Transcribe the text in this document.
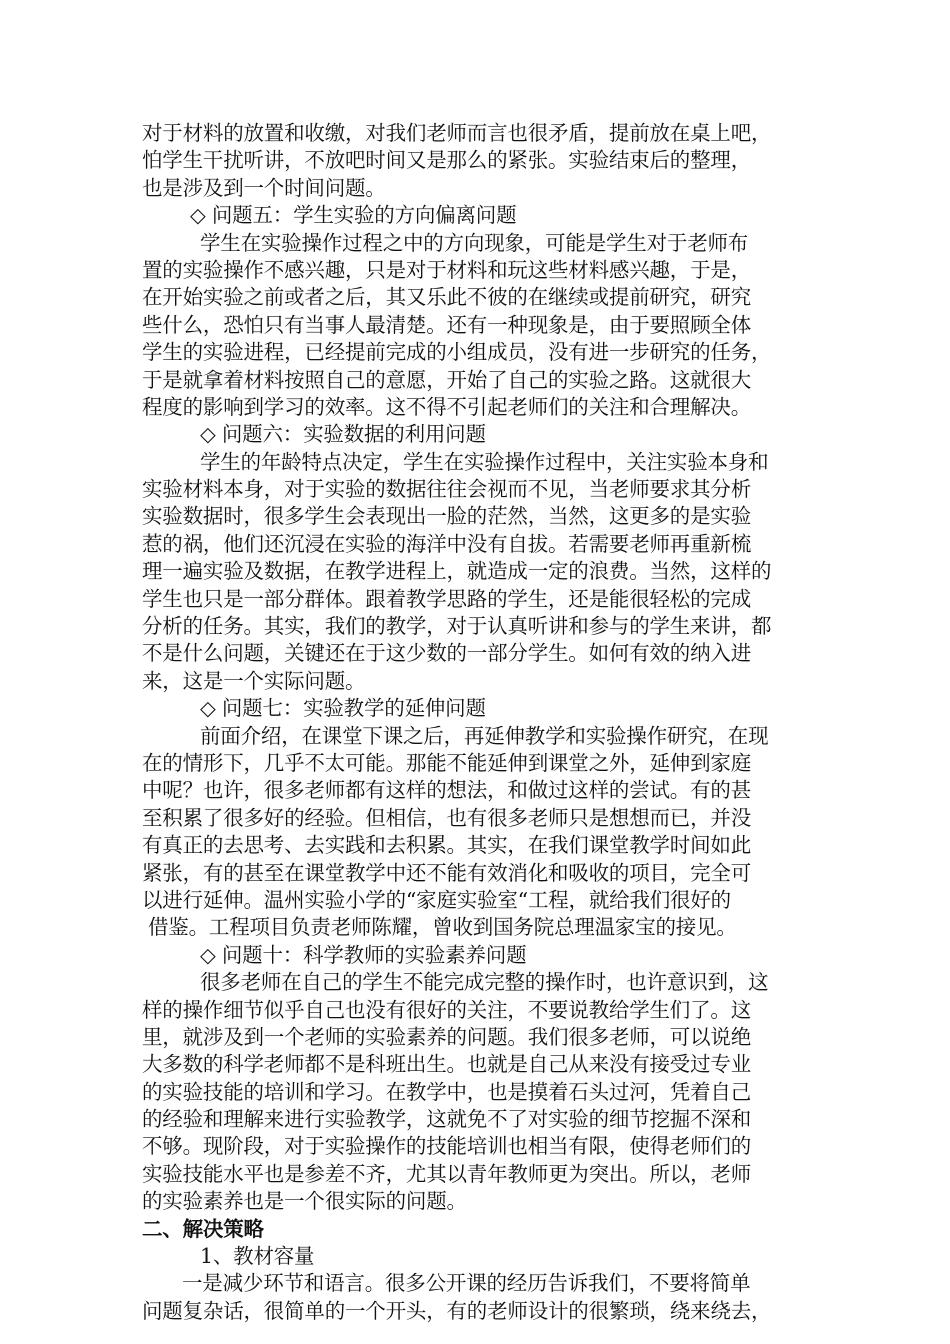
对于材料的放置和收缴，对我们老师而言也很矛盾，提前放在桌上吧，
怕学生干扰听讲，不放吧时间又是那么的紧张。实验结束后的整理，
也是涉及到一个时间问题。
◇ 问题五：学生实验的方向偏离问题
学生在实验操作过程之中的方向现象，可能是学生对于老师布
置的实验操作不感兴趣，只是对于材料和玩这些材料感兴趣，于是，
在开始实验之前或者之后，其又乐此不彼的在继续或提前研究，研究
些什么，恐怕只有当事人最清楚。还有一种现象是，由于要照顾全体
学生的实验进程，已经提前完成的小组成员，没有进一步研究的任务，
于是就拿着材料按照自己的意愿，开始了自己的实验之路。这就很大
程度的影响到学习的效率。这不得不引起老师们的关注和合理解决。
◇ 问题六：实验数据的利用问题
学生的年龄特点决定，学生在实验操作过程中，关注实验本身和
实验材料本身，对于实验的数据往往会视而不见，当老师要求其分析
实验数据时，很多学生会表现出一脸的茫然，当然，这更多的是实验
惹的祸，他们还沉浸在实验的海洋中没有自拔。若需要老师再重新梳
理一遍实验及数据，在教学进程上，就造成一定的浪费。当然，这样的
学生也只是一部分群体。跟着教学思路的学生，还是能很轻松的完成
分析的任务。其实，我们的教学，对于认真听讲和参与的学生来讲，都
不是什么问题，关键还在于这少数的一部分学生。如何有效的纳入进
来，这是一个实际问题。
◇ 问题七：实验教学的延伸问题
前面介绍，在课堂下课之后，再延伸教学和实验操作研究，在现
在的情形下，几乎不太可能。那能不能延伸到课堂之外，延伸到家庭
中呢？也许，很多老师都有这样的想法，和做过这样的尝试。有的甚
至积累了很多好的经验。但相信，也有很多老师只是想想而已，并没
有真正的去思考、去实践和去积累。其实，在我们课堂教学时间如此
紧张，有的甚至在课堂教学中还不能有效消化和吸收的项目，完全可
以进行延伸。温州实验小学的“家庭实验室“工程，就给我们很好的
借鉴。工程项目负责老师陈耀，曾收到国务院总理温家宝的接见。
◇ 问题十：科学教师的实验素养问题
很多老师在自己的学生不能完成完整的操作时，也许意识到，这
样的操作细节似乎自己也没有很好的关注，不要说教给学生们了。这
里，就涉及到一个老师的实验素养的问题。我们很多老师，可以说绝
大多数的科学老师都不是科班出生。也就是自己从来没有接受过专业
的实验技能的培训和学习。在教学中，也是摸着石头过河，凭着自己
的经验和理解来进行实验教学，这就免不了对实验的细节挖掘不深和
不够。现阶段，对于实验操作的技能培训也相当有限，使得老师们的
实验技能水平也是参差不齐，尤其以青年教师更为突出。所以，老师
的实验素养也是一个很实际的问题。
二、解决策略
1、教材容量
一是减少环节和语言。很多公开课的经历告诉我们，不要将简单
问题复杂话，很简单的一个开头，有的老师设计的很繁琐，绕来绕去，
